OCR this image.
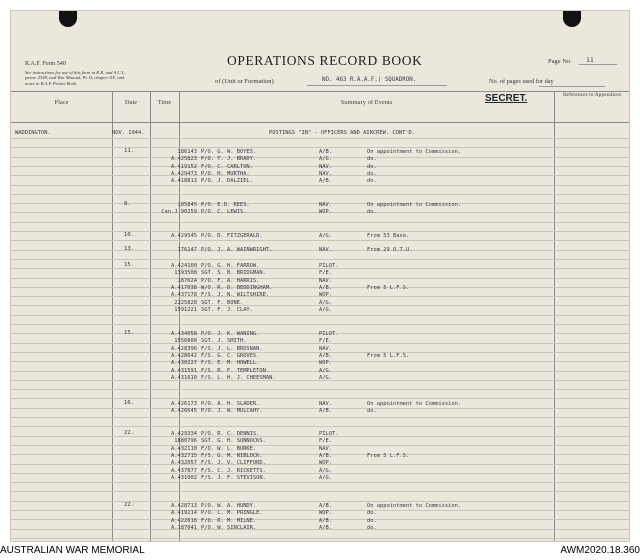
R.A.F. Form 540
See instructions for use of this form in K.R. and A.C.I.,
paras. 2349, and War Manual, Pt. II, chapter XX, and
notes in R.A.F. Pocket Book.
OPERATIONS RECORD BOOK	Page No. 11
of (Unit or Formation)	NO. 463 R.A.A.F.) SQUADRON.	No. of pages used for day
Place	Date	Time	Summary of Events
References to Appendices
SECRET.
WADDINGTON.	NOV. 1944.	POSTINGS "IN" - OFFICERS AND AIRCREW. CONT'D.
11.	186143 P/O. G. W. BOYES.	A/B.	On appointment to Commission.
A.425823 P/O. T. J. BRADY.	A/G.	do.
A.419152 F/O. C. CARLTON.	NAV.	do.
A.429473 P/O. H. MURTHA.	NAV.	do.
A.418813 P/O. J. DALZIEL.	A/B.	do.
8.	185845 P/O. E.D. REES.	NAV.	On appointment to Commission.
Can.J.90259 P/O. C. LEWIS.	WOP.	do.
10.	A.429545 P/O. D. FITZGERALD.	A/G.	From 53 Base.
13.	176147 P/O. J. A. WAINWRIGHT.	NAV.	From 29 O.T.U.
15.	A.424100 P/O. G. H. FARROW.	PILOT.
1393508 SGT. S. B. BRIDGMAN.	F/E.
187624 P/O. F. A. HARRIS.	NAV.
A.417038 W/O. R. D. BEDDINGHAM.	A/B.	From 5 L.F.S.
A.437178 F/S. J. N. WILTSHIRE.	WOP.
2225828 SGT. F. BONE.	A/G.
1591221 SGT. F. J. CLAY.	A/G.
15.	A.434058 P/O. J. K. WANING.	PILOT.
1556800 SGT. J. SMITH.	F/E.
A.428396 F/S. J. L. BROSNAN.	NAV.
A.428642 F/S. G. C. GROVES.	A/B.	From 5 L.F.S.
A.430227 F/S. E. M. HOWELL.	WOP.
A.431591 F/S. R. F. TEMPLETON.	A/G.
A.431610 F/S. L. H. J. CHEESMAN.	A/G.
16.	A.426173 P/O. A. H. SLADER.	NAV.	On appointment to Commission.
A.426645 P/O. J. W. MULCAHY.	A/B.	do.
22.	A.429334 P/O. R. C. DENNIS.	PILOT.
1880796 SGT. G. H. SUNNOCKS.	F/E.
A.432110 F/O. W. L. BURKE.	NAV.
A.432715 F/S. G. M. NIBLOCK.	A/B.	From 5 L.F.S.
A.432057 F/S. J. V. CLIFFORD.	WOP.
A.437877 F/S. C. J. RICKETTS.	A/G.
A.431002 F/S. J. F. STEVISON.	A/G.
22.	A.428713 P/O. W. A. HUNDY.	A/B.	On appointment to Commission.
A.419214 P/O. L. M. PRINGLE.	WOP.	do.
A.422616 F/O. R. M. MILNE.	A/B.	do.
A.187041 P/O. W. SINCLAIR.	A/B.	do.
AUSTRALIAN WAR MEMORIAL	AWM2020.18.360
